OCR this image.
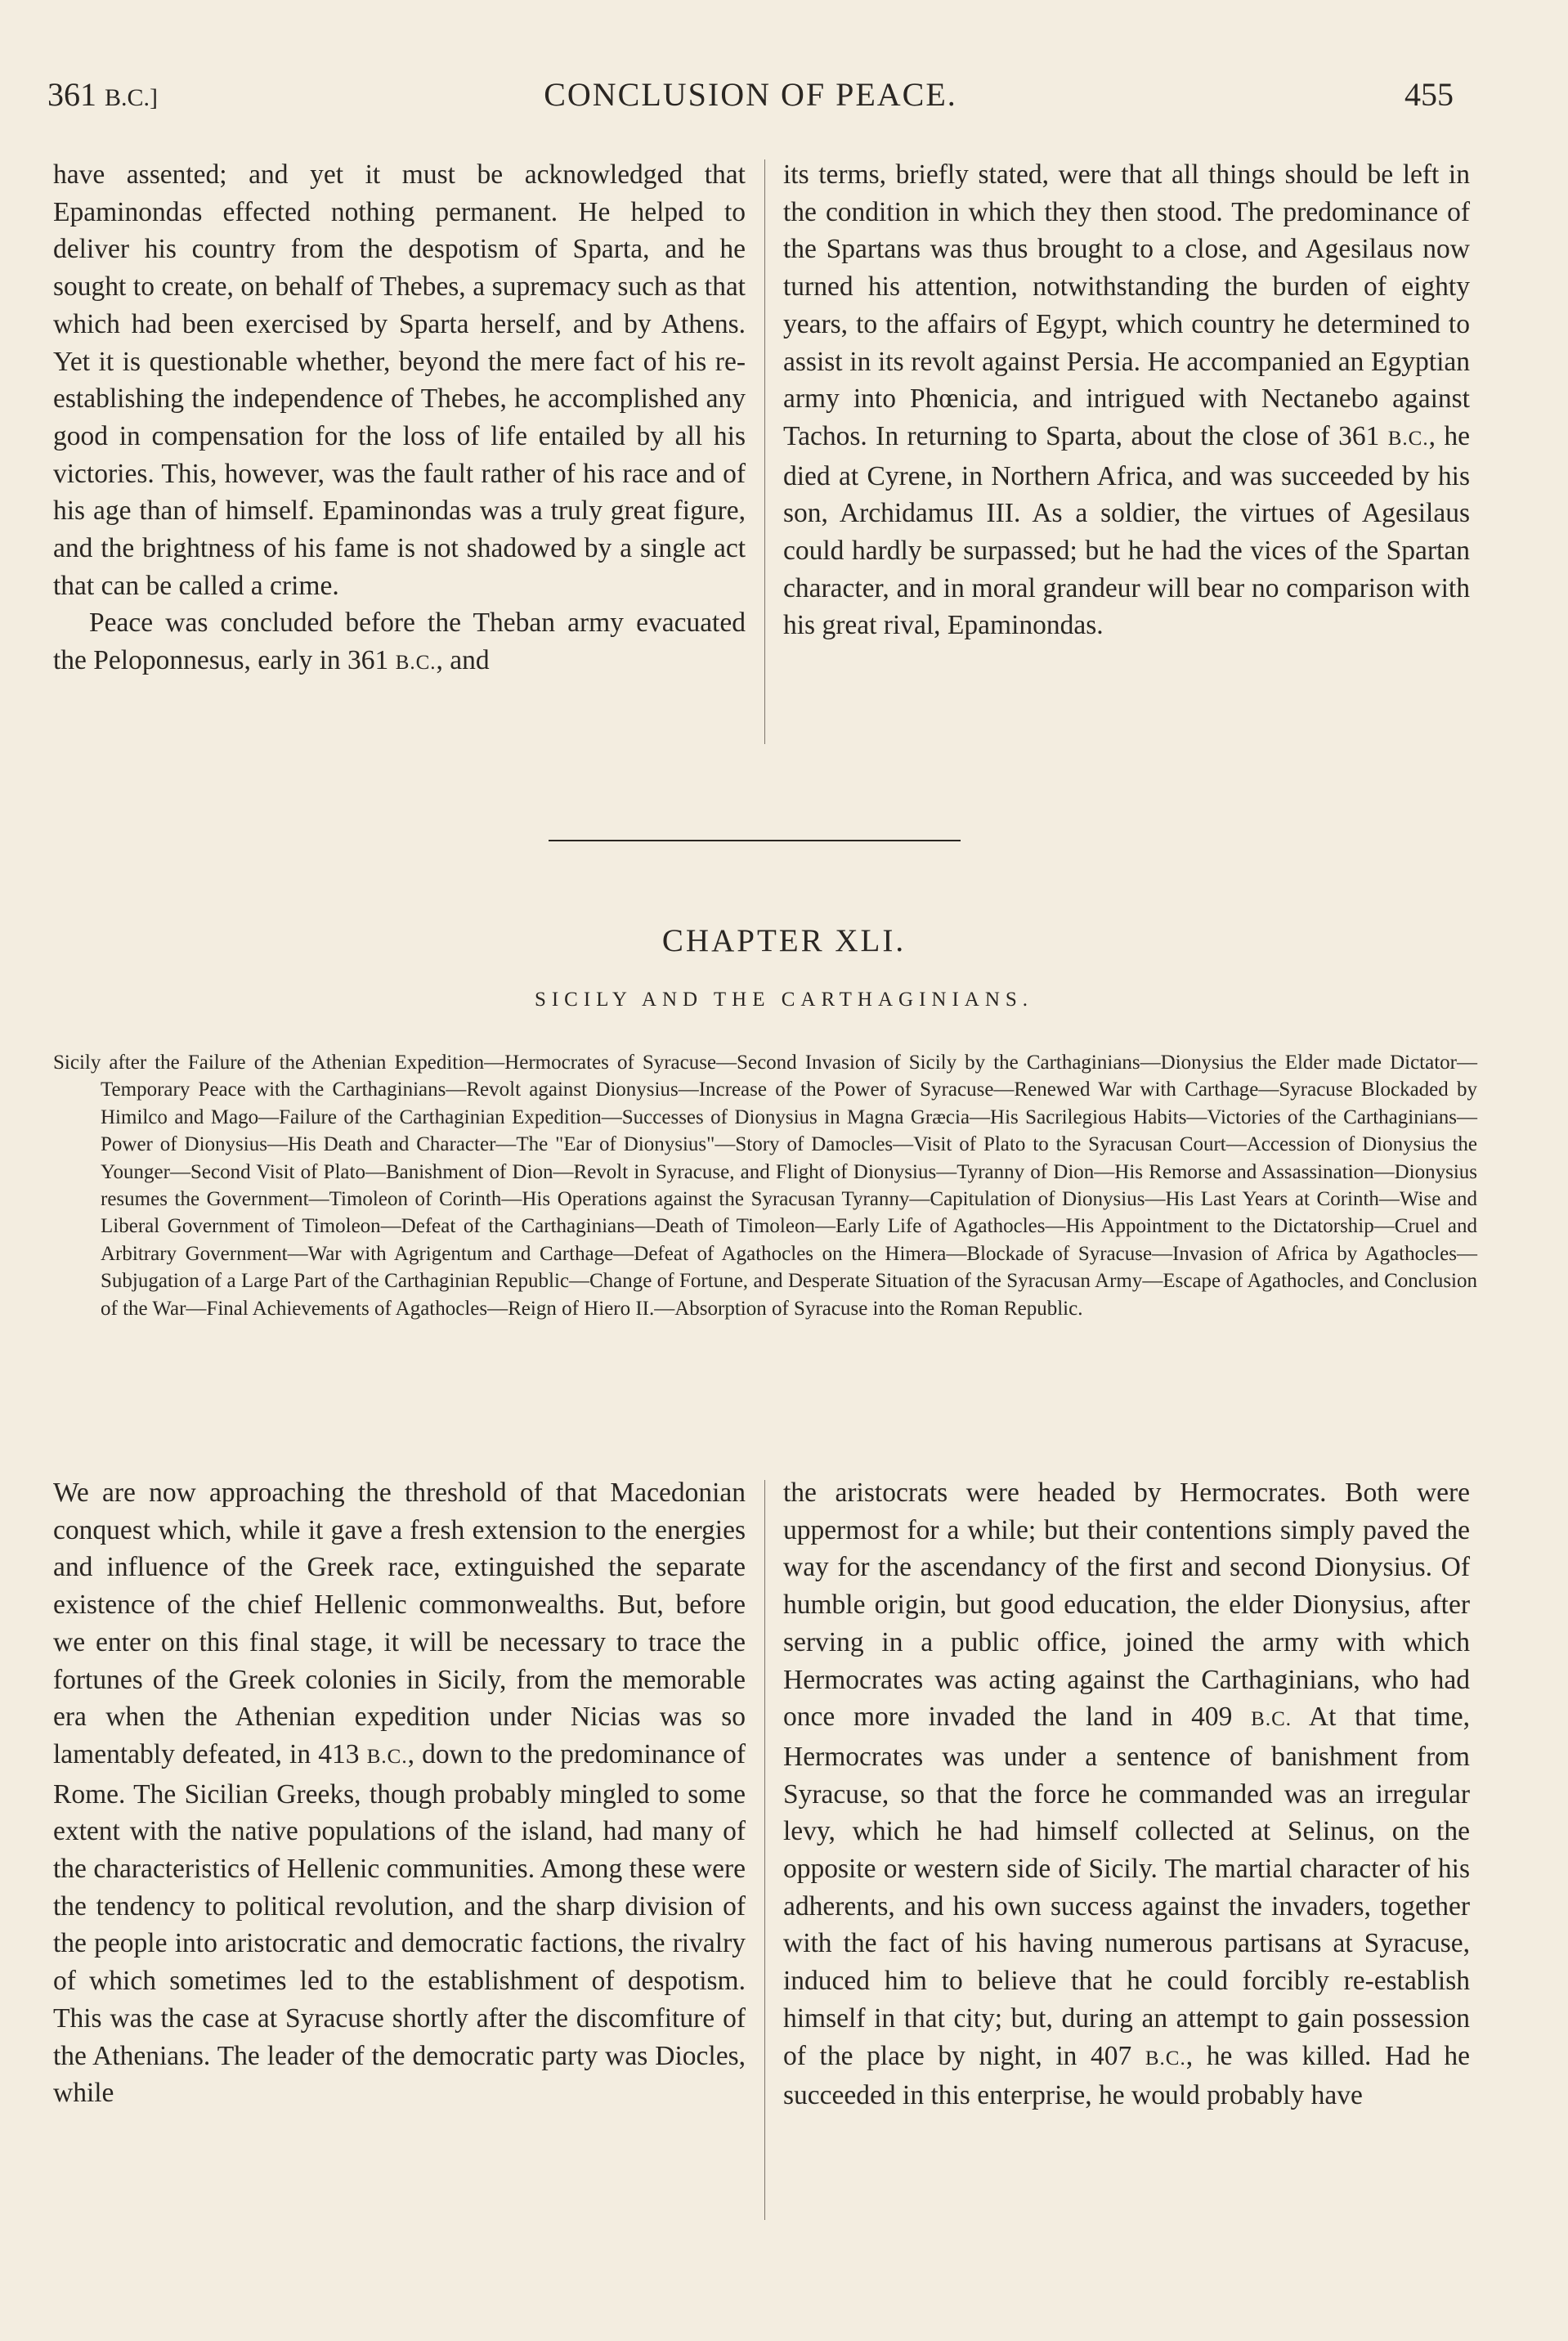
361 B.C.]	CONCLUSION OF PEACE.	455

have assented; and yet it must be acknowledged that Epaminondas effected nothing permanent. He helped to deliver his country from the despotism of Sparta, and he sought to create, on behalf of Thebes, a supremacy such as that which had been exercised by Sparta herself, and by Athens. Yet it is questionable whether, beyond the mere fact of his re-establishing the independence of Thebes, he accomplished any good in compensation for the loss of life entailed by all his victories. This, however, was the fault rather of his race and of his age than of himself. Epaminondas was a truly great figure, and the brightness of his fame is not shadowed by a single act that can be called a crime.

Peace was concluded before the Theban army evacuated the Peloponnesus, early in 361 B.C., and

its terms, briefly stated, were that all things should be left in the condition in which they then stood. The predominance of the Spartans was thus brought to a close, and Agesilaus now turned his attention, notwithstanding the burden of eighty years, to the affairs of Egypt, which country he determined to assist in its revolt against Persia. He accompanied an Egyptian army into Phœnicia, and intrigued with Nectanebo against Tachos. In returning to Sparta, about the close of 361 B.C., he died at Cyrene, in Northern Africa, and was succeeded by his son, Archidamus III. As a soldier, the virtues of Agesilaus could hardly be surpassed; but he had the vices of the Spartan character, and in moral grandeur will bear no comparison with his great rival, Epaminondas.

CHAPTER XLI.
SICILY AND THE CARTHAGINIANS.

Sicily after the Failure of the Athenian Expedition—Hermocrates of Syracuse—Second Invasion of Sicily by the Carthaginians—Dionysius the Elder made Dictator—Temporary Peace with the Carthaginians—Revolt against Dionysius—Increase of the Power of Syracuse—Renewed War with Carthage—Syracuse Blockaded by Himilco and Mago—Failure of the Carthaginian Expedition—Successes of Dionysius in Magna Græcia—His Sacrilegious Habits—Victories of the Carthaginians—Power of Dionysius—His Death and Character—The "Ear of Dionysius"—Story of Damocles—Visit of Plato to the Syracusan Court—Accession of Dionysius the Younger—Second Visit of Plato—Banishment of Dion—Revolt in Syracuse, and Flight of Dionysius—Tyranny of Dion—His Remorse and Assassination—Dionysius resumes the Government—Timoleon of Corinth—His Operations against the Syracusan Tyranny—Capitulation of Dionysius—His Last Years at Corinth—Wise and Liberal Government of Timoleon—Defeat of the Carthaginians—Death of Timoleon—Early Life of Agathocles—His Appointment to the Dictatorship—Cruel and Arbitrary Government—War with Agrigentum and Carthage—Defeat of Agathocles on the Himera—Blockade of Syracuse—Invasion of Africa by Agathocles—Subjugation of a Large Part of the Carthaginian Republic—Change of Fortune, and Desperate Situation of the Syracusan Army—Escape of Agathocles, and Conclusion of the War—Final Achievements of Agathocles—Reign of Hiero II.—Absorption of Syracuse into the Roman Republic.

We are now approaching the threshold of that Macedonian conquest which, while it gave a fresh extension to the energies and influence of the Greek race, extinguished the separate existence of the chief Hellenic commonwealths. But, before we enter on this final stage, it will be necessary to trace the fortunes of the Greek colonies in Sicily, from the memorable era when the Athenian expedition under Nicias was so lamentably defeated, in 413 B.C., down to the predominance of Rome. The Sicilian Greeks, though probably mingled to some extent with the native populations of the island, had many of the characteristics of Hellenic communities. Among these were the tendency to political revolution, and the sharp division of the people into aristocratic and democratic factions, the rivalry of which sometimes led to the establishment of despotism. This was the case at Syracuse shortly after the discomfiture of the Athenians. The leader of the democratic party was Diocles, while

the aristocrats were headed by Hermocrates. Both were uppermost for a while; but their contentions simply paved the way for the ascendancy of the first and second Dionysius. Of humble origin, but good education, the elder Dionysius, after serving in a public office, joined the army with which Hermocrates was acting against the Carthaginians, who had once more invaded the land in 409 B.C. At that time, Hermocrates was under a sentence of banishment from Syracuse, so that the force he commanded was an irregular levy, which he had himself collected at Selinus, on the opposite or western side of Sicily. The martial character of his adherents, and his own success against the invaders, together with the fact of his having numerous partisans at Syracuse, induced him to believe that he could forcibly re-establish himself in that city; but, during an attempt to gain possession of the place by night, in 407 B.C., he was killed. Had he succeeded in this enterprise, he would probably have
